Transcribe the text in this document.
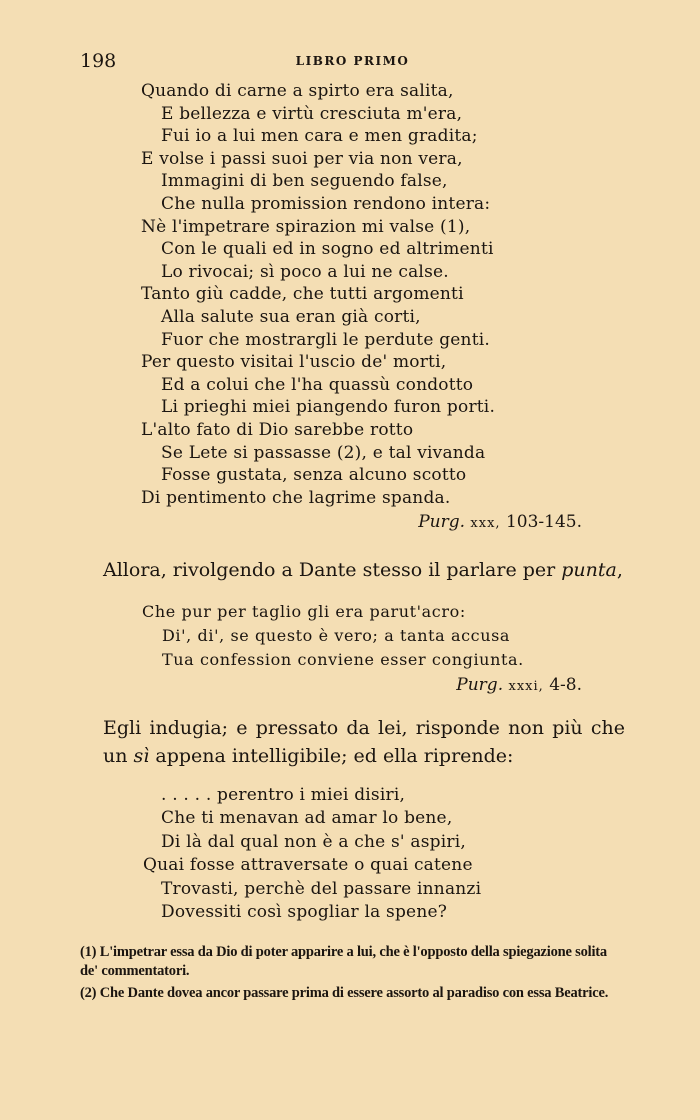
198	LIBRO PRIMO
Quando di carne a spirto era salita,
E bellezza e virtù cresciuta m'era,
Fui io a lui men cara e men gradita;
E volse i passi suoi per via non vera,
Immagini di ben seguendo false,
Che nulla promission rendono intera:
Nè l'impetrare spirazion mi valse (1),
Con le quali ed in sogno ed altrimenti
Lo rivocai; sì poco a lui ne calse.
Tanto giù cadde, che tutti argomenti
Alla salute sua eran già corti,
Fuor che mostrargli le perdute genti.
Per questo visitai l'uscio de' morti,
Ed a colui che l'ha quassù condotto
Li prieghi miei piangendo furon porti.
L'alto fato di Dio sarebbe rotto
Se Lete si passasse (2), e tal vivanda
Fosse gustata, senza alcuno scotto
Di pentimento che lagrime spanda.
Purg. xxx, 103-145.

Allora, rivolgendo a Dante stesso il parlare per punta,

Che pur per taglio gli era parut'acro:
Di', di', se questo è vero; a tanta accusa
Tua confession conviene esser congiunta.
Purg. xxxi, 4-8.

Egli indugia; e pressato da lei, risponde non più che un sì appena intelligibile; ed ella riprende:

. . . . . perentro i miei disiri,
Che ti menavan ad amar lo bene,
Di là dal qual non è a che s' aspiri,
Quai fosse attraversate o quai catene
Trovasti, perchè del passare innanzi
Dovessiti così spogliar la spene?

(1) L'impetrar essa da Dio di poter apparire a lui, che è l'opposto della spiegazione solita de' commentatori.

(2) Che Dante dovea ancor passare prima di essere assorto al paradiso con essa Beatrice.
